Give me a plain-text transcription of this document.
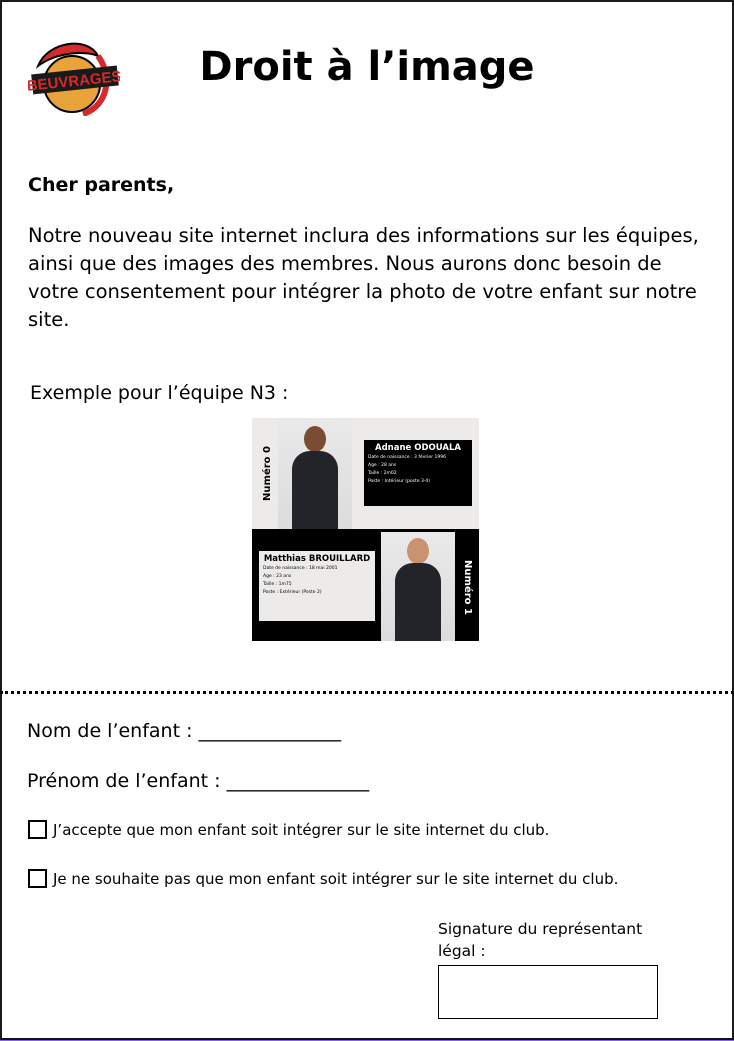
BEUVRAGES	Droit à l’image
Cher parents,
Notre nouveau site internet inclura des informations sur les équipes, ainsi que des images des membres. Nous aurons donc besoin de votre consentement pour intégrer la photo de votre enfant sur notre site.
Exemple pour l’équipe N3 :
Numéro 0	Adnane ODOUALA
Date de naissance : 3 février 1996
Age : 28 ans
Taille : 2m02
Poste : Intérieur (poste 3-4)
Matthias BROUILLARD
Date de naissance : 18 mai 2001
Age : 23 ans
Taille : 1m75
Poste : Extérieur (Poste 2)	Numéro 1
Nom de l’enfant : _______________
Prénom de l’enfant : _______________
J’accepte que mon enfant soit intégrer sur le site internet du club.
Je ne souhaite pas que mon enfant soit intégrer sur le site internet du club.
Signature du représentant légal :
